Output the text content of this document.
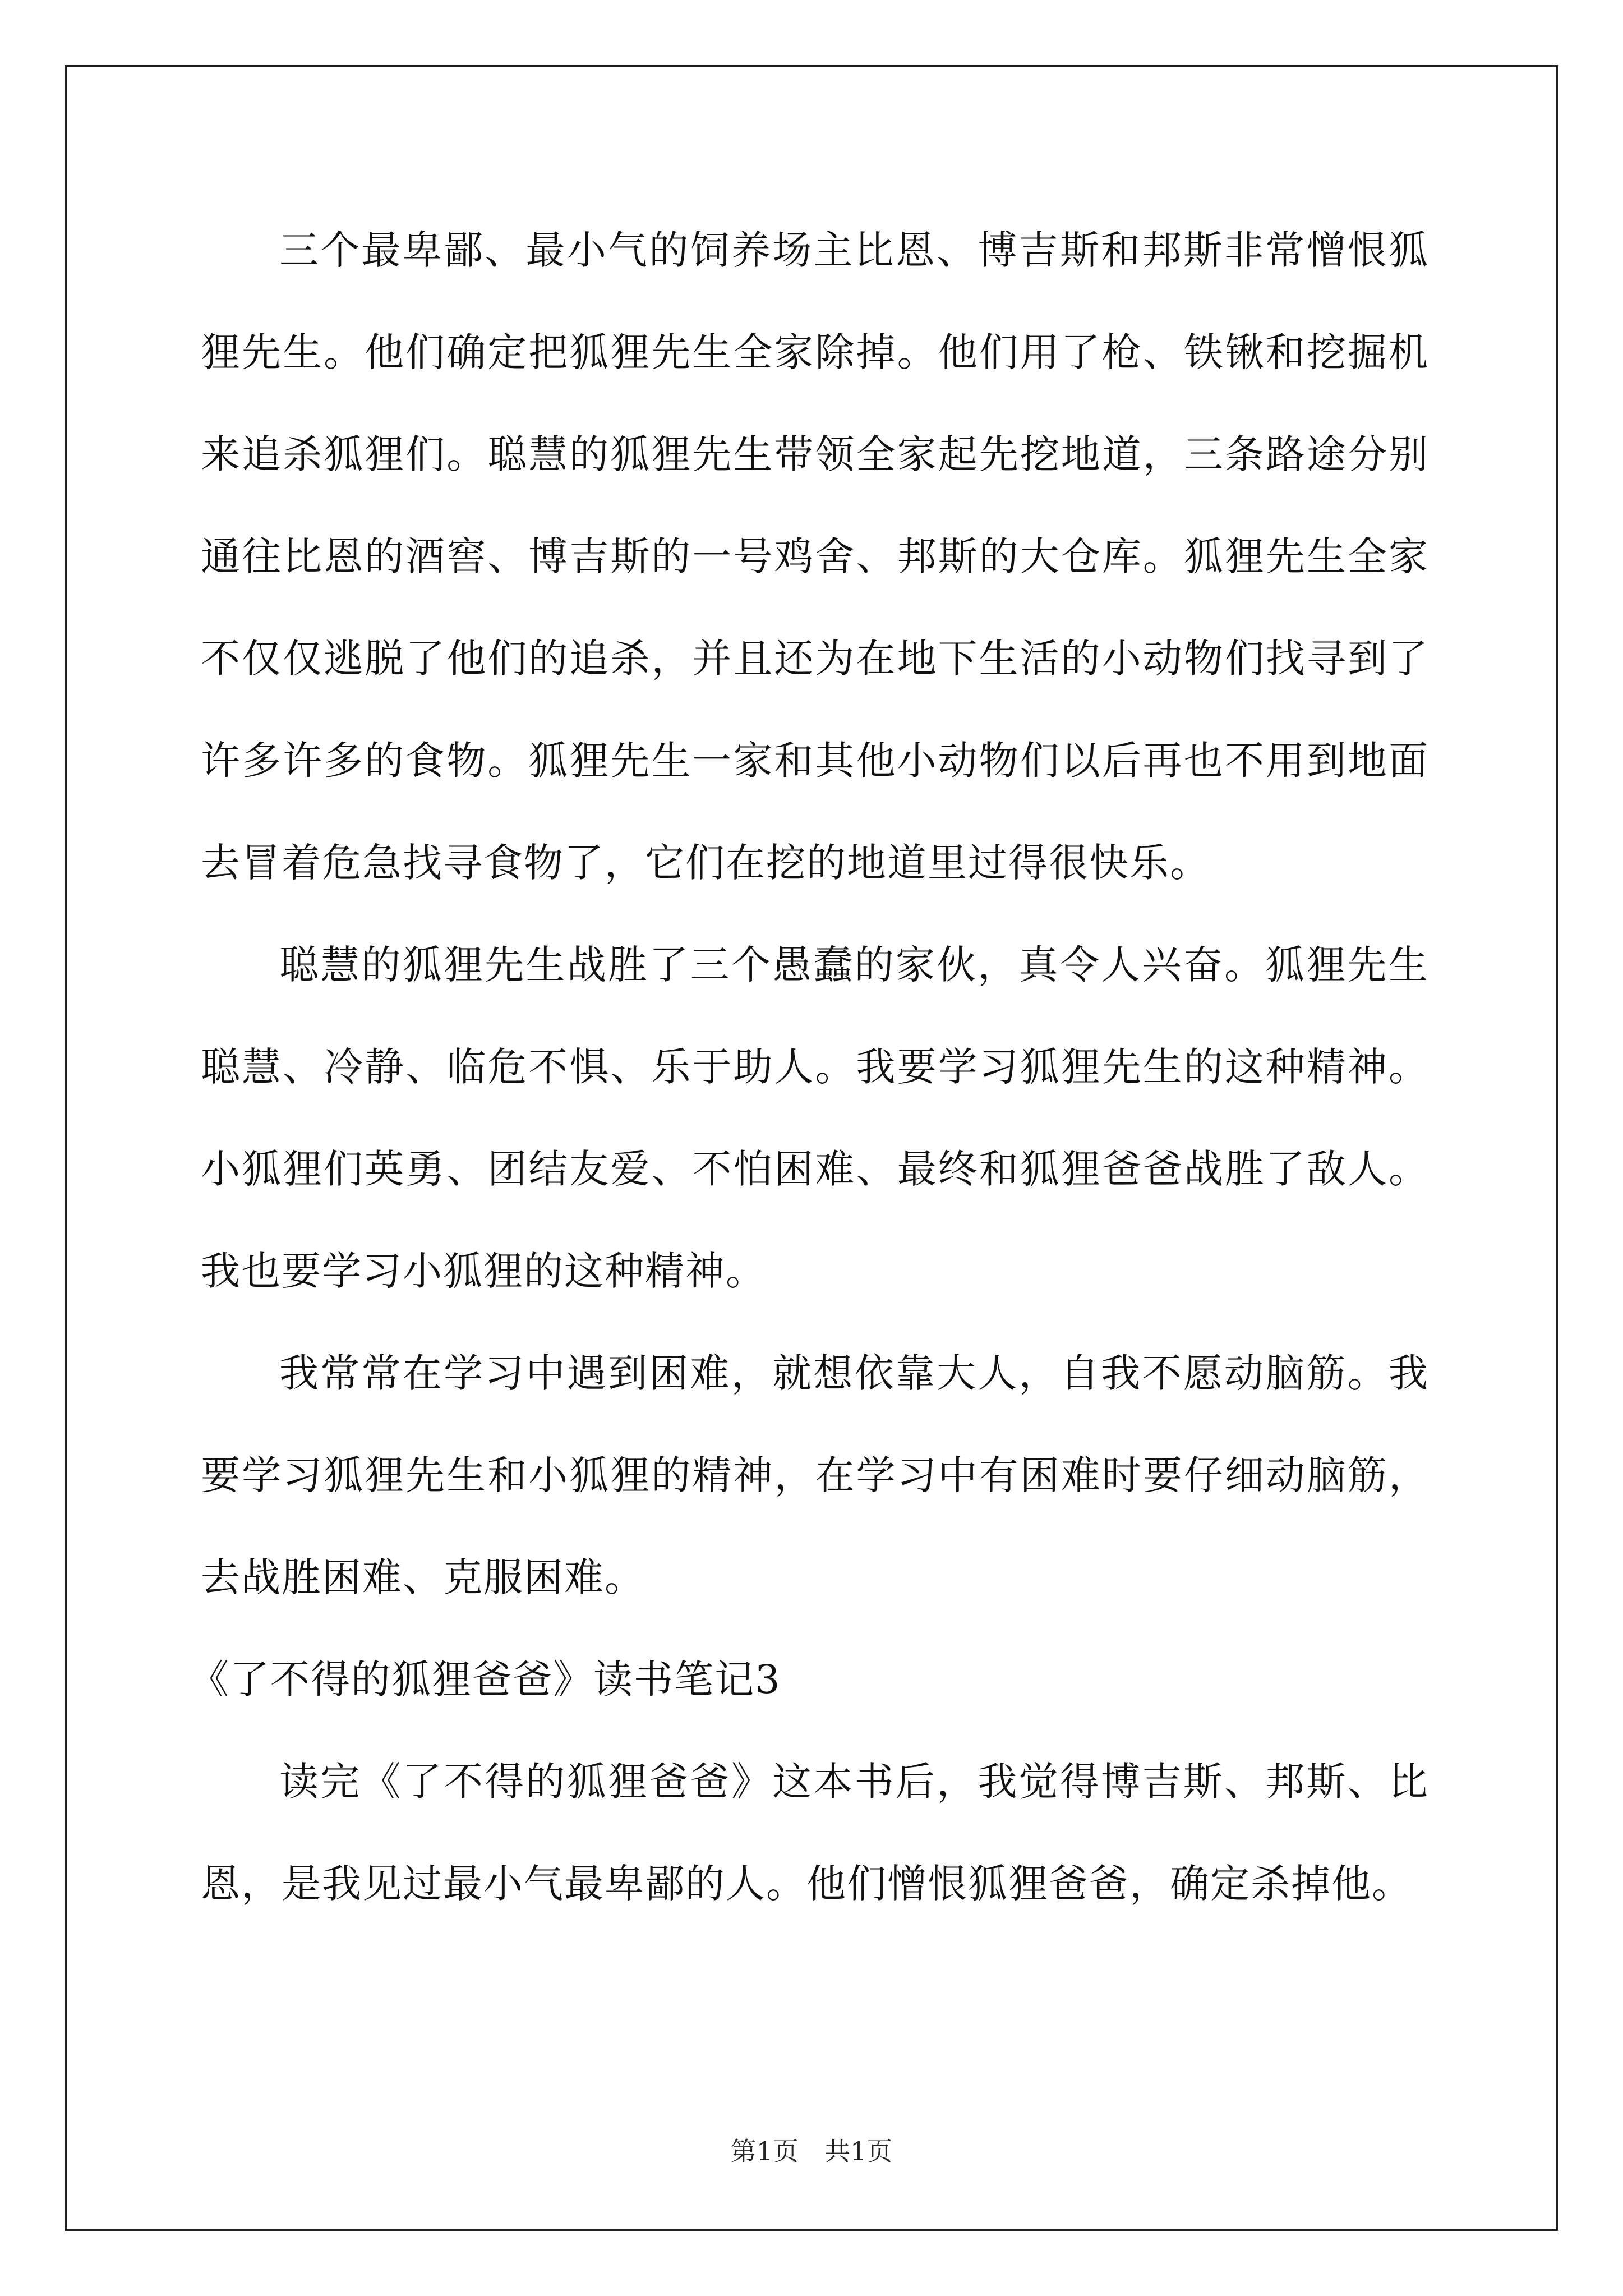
三个最卑鄙、最小气的饲养场主比恩、博吉斯和邦斯非常憎恨狐狸先生。他们确定把狐狸先生全家除掉。他们用了枪、铁锹和挖掘机来追杀狐狸们。聪慧的狐狸先生带领全家起先挖地道，三条路途分别通往比恩的酒窖、博吉斯的一号鸡舍、邦斯的大仓库。狐狸先生全家不仅仅逃脱了他们的追杀，并且还为在地下生活的小动物们找寻到了许多许多的食物。狐狸先生一家和其他小动物们以后再也不用到地面去冒着危急找寻食物了，它们在挖的地道里过得很快乐。

聪慧的狐狸先生战胜了三个愚蠢的家伙，真令人兴奋。狐狸先生聪慧、冷静、临危不惧、乐于助人。我要学习狐狸先生的这种精神。小狐狸们英勇、团结友爱、不怕困难、最终和狐狸爸爸战胜了敌人。我也要学习小狐狸的这种精神。

我常常在学习中遇到困难，就想依靠大人，自我不愿动脑筋。我要学习狐狸先生和小狐狸的精神，在学习中有困难时要仔细动脑筋，去战胜困难、克服困难。

《了不得的狐狸爸爸》读书笔记3

读完《了不得的狐狸爸爸》这本书后，我觉得博吉斯、邦斯、比恩，是我见过最小气最卑鄙的人。他们憎恨狐狸爸爸，确定杀掉他。

第1页　共1页
